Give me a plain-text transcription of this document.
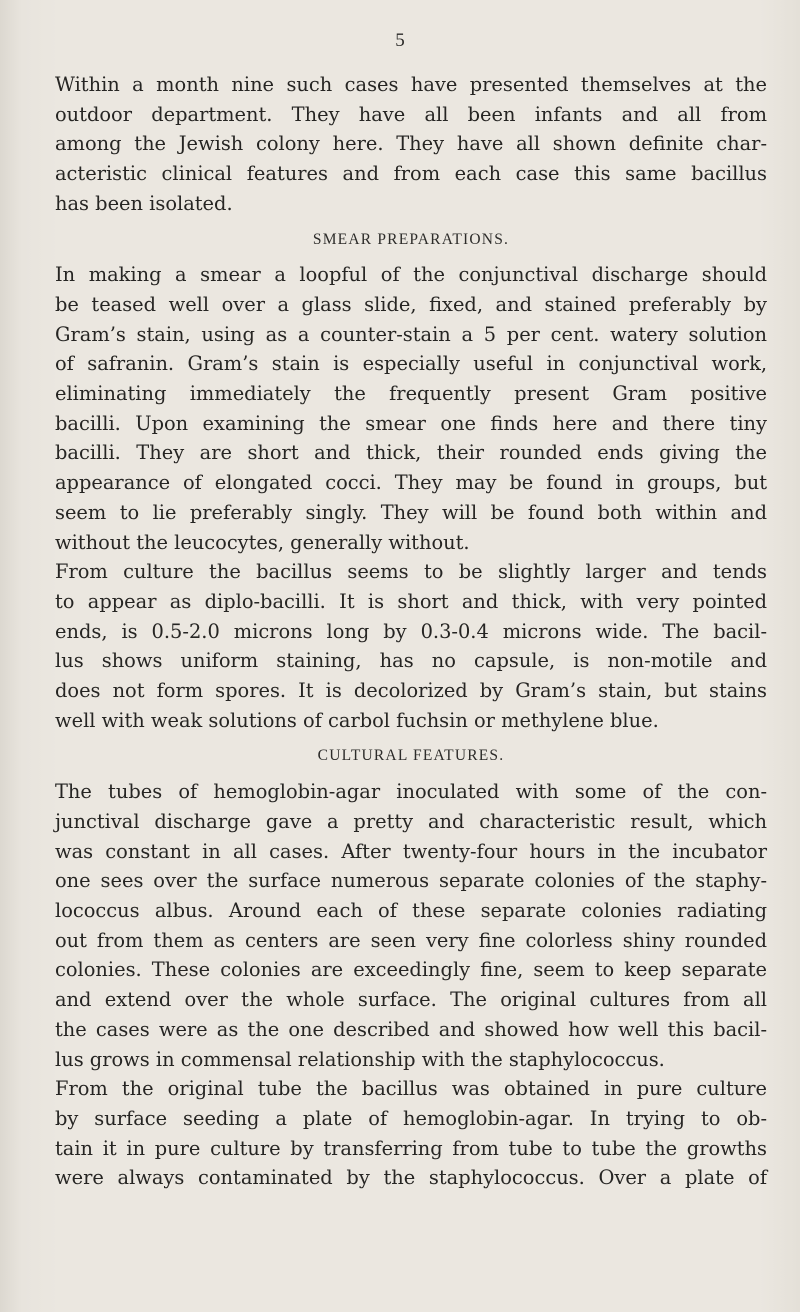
5
Within a month nine such cases have presented themselves at the
outdoor department. They have all been infants and all from
among the Jewish colony here. They have all shown definite char-
acteristic clinical features and from each case this same bacillus
has been isolated.
SMEAR PREPARATIONS.
In making a smear a loopful of the conjunctival discharge should
be teased well over a glass slide, fixed, and stained preferably by
Gram’s stain, using as a counter-stain a 5 per cent. watery solution
of safranin. Gram’s stain is especially useful in conjunctival work,
eliminating immediately the frequently present Gram positive
bacilli. Upon examining the smear one finds here and there tiny
bacilli. They are short and thick, their rounded ends giving the
appearance of elongated cocci. They may be found in groups, but
seem to lie preferably singly. They will be found both within and
without the leucocytes, generally without.
From culture the bacillus seems to be slightly larger and tends
to appear as diplo-bacilli. It is short and thick, with very pointed
ends, is 0.5-2.0 microns long by 0.3-0.4 microns wide. The bacil-
lus shows uniform staining, has no capsule, is non-motile and
does not form spores. It is decolorized by Gram’s stain, but stains
well with weak solutions of carbol fuchsin or methylene blue.
CULTURAL FEATURES.
The tubes of hemoglobin-agar inoculated with some of the con-
junctival discharge gave a pretty and characteristic result, which
was constant in all cases. After twenty-four hours in the incubator
one sees over the surface numerous separate colonies of the staphy-
lococcus albus. Around each of these separate colonies radiating
out from them as centers are seen very fine colorless shiny rounded
colonies. These colonies are exceedingly fine, seem to keep separate
and extend over the whole surface. The original cultures from all
the cases were as the one described and showed how well this bacil-
lus grows in commensal relationship with the staphylococcus.
From the original tube the bacillus was obtained in pure culture
by surface seeding a plate of hemoglobin-agar. In trying to ob-
tain it in pure culture by transferring from tube to tube the growths
were always contaminated by the staphylococcus. Over a plate of
